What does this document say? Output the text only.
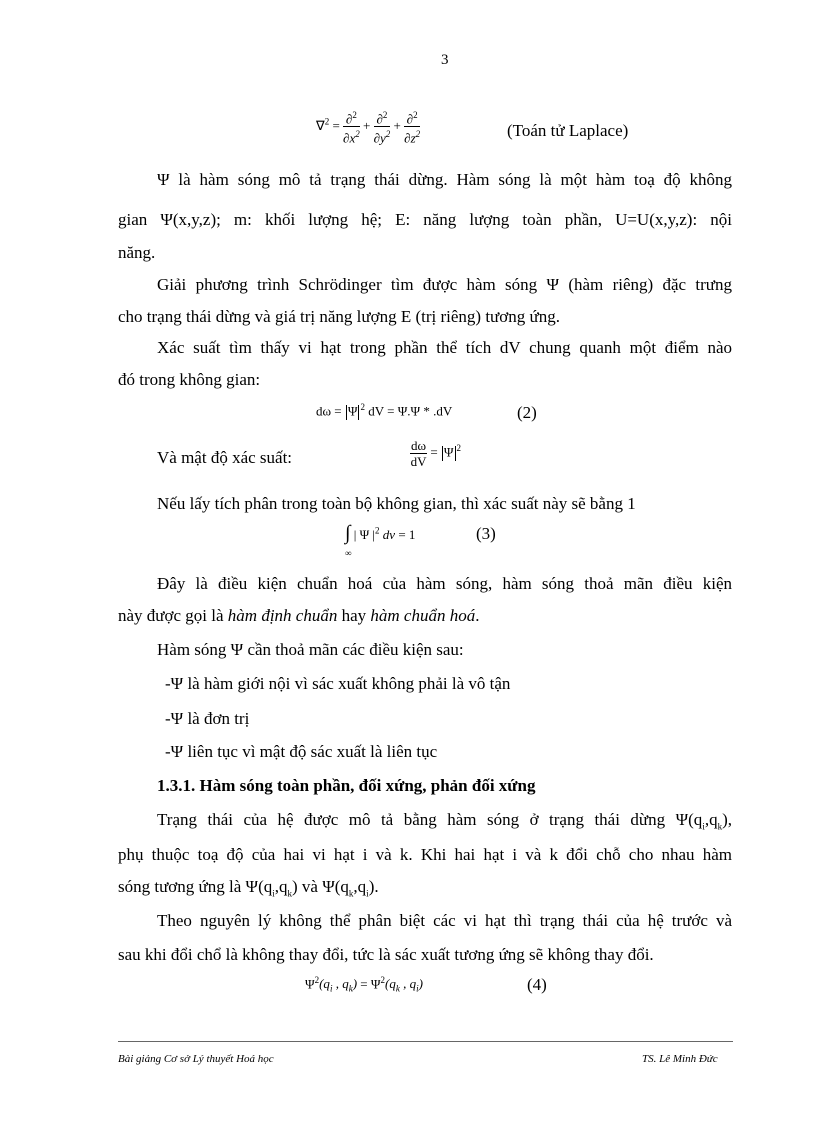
3
$\nabla^2 = \frac{\partial^2}{\partial x^2} + \frac{\partial^2}{\partial y^2} + \frac{\partial^2}{\partial z^2}$	(Toán tử Laplace)
Ψ là hàm sóng mô tả trạng thái dừng. Hàm sóng là một hàm toạ độ không
gian Ψ(x,y,z); m: khối lượng hệ; E: năng lượng toàn phần, U=U(x,y,z): nội
năng.
Giải phương trình Schrödinger tìm được hàm sóng Ψ (hàm riêng) đặc trưng
cho trạng thái dừng và giá trị năng lượng E (trị riêng) tương ứng.
Xác suất tìm thấy vi hạt trong phần thể tích dV chung quanh một điểm nào
đó trong không gian:
dω = Ψ $^2$ dV = Ψ.Ψ * .dV	(2)
Và mật độ xác suất:	$\frac{d\omega}{dV} = \Psi$ $^2$
Nếu lấy tích phân trong toàn bộ không gian, thì xác suất này sẽ bằng 1
∫ | Ψ $|^2$ dv = 1
∞
(3)
Đây là điều kiện chuẩn hoá của hàm sóng, hàm sóng thoả mãn điều kiện
này được gọi là hàm định chuẩn hay hàm chuẩn hoá.
Hàm sóng Ψ cần thoả mãn các điều kiện sau:
-Ψ là hàm giới nội vì sác xuất không phải là vô tận
-Ψ là đơn trị
-Ψ liên tục vì mật độ sác xuất là liên tục
1.3.1. Hàm sóng toàn phần, đối xứng, phản đối xứng
Trạng thái của hệ được mô tả bằng hàm sóng ở trạng thái dừng $\Psi(q_i,q_k)$,
phụ thuộc toạ độ của hai vi hạt i và k. Khi hai hạt i và k đổi chỗ cho nhau hàm
sóng tương ứng là $\Psi(q_i,q_k)$ và $\Psi(q_k,q_i)$.
Theo nguyên lý không thể phân biệt các vi hạt thì trạng thái của hệ trước và
sau khi đổi chổ là không thay đổi, tức là sác xuất tương ứng sẽ không thay đổi.
$\Psi^2(q_i$ , $q_k) = \Psi^2(q_k$ , $q_i$)	(4)
Bài giảng Cơ sở Lý thuyết Hoá học	TS. Lê Minh Đức
